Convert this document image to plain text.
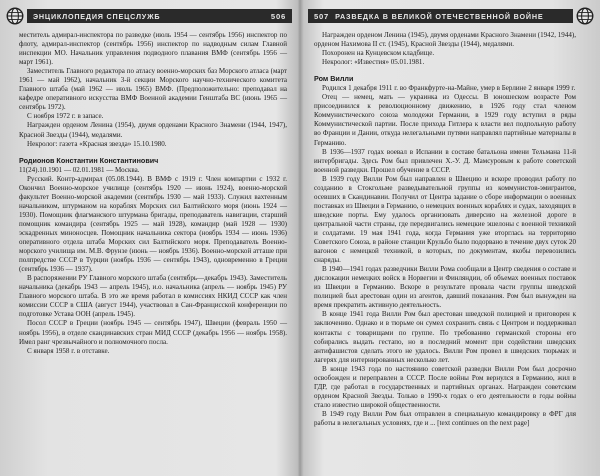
ЭНЦИКЛОПЕДИЯ СПЕЦСЛУЖБ	506

меститель адмирал-инспектора по разведке (июль 1954 — сентябрь 1956) инспектор по флоту, адмирал-инспектор (сентябрь 1956) инспектор по надводным силам Главной инспекции МО. Начальник управления подводного плавания ВМФ (сентябрь 1956 — март 1961).

Заместитель Главного редактора по атласу военно-морских баз Морского атласа (март 1961 — май 1962), начальник 3-й секции Морского научно-технического комитета Главного штаба (май 1962 — июль 1965) ВМФ. (Предположительно: преподавал на кафедре оперативного искусства ВМФ Военной академии Генштаба ВС (июнь 1965 — сентябрь 1972).

С ноября 1972 г. в запасе.

Награжден орденом Ленина (1954), двумя орденами Красного Знамени (1944, 1947), Красной Звезды (1944), медалями.

Некролог: газета «Красная звезда» 15.10.1980.

Родионов Константин Константинович

11(24).10.1901 — 02.01.1981 — Москва.

Русский. Контр-адмирал (05.08.1944). В ВМФ с 1919 г. Член компартии с 1932 г. Окончил Военно-морское училище (сентябрь 1920 — июнь 1924), военно-морской факультет Военно-морской академии (сентябрь 1930 — май 1933). Служил вахтенным начальником, штурманом на кораблях Морских сил Балтийского моря (июнь 1924 — 1930). Помощник флагманского штурмана бригады, преподаватель навигации, старший помощник командира (сентябрь 1925 — май 1928), командир (май 1928 — 1930) эскадренных миноносцев. Помощник начальника сектора (ноябрь 1934 — июнь 1936) оперативного отдела штаба Морских сил Балтийского моря. Преподаватель Военно-морского училища им. М.В. Фрунзе (июнь — ноябрь 1936). Военно-морской атташе при полпредстве СССР в Турции (ноябрь 1936 — сентябрь 1943), одновременно в Греции (сентябрь 1936 — 1937).

В распоряжении РУ Главного морского штаба (сентябрь—декабрь 1943). Заместитель начальника (декабрь 1943 — апрель 1945), и.о. начальника (апрель — ноябрь 1945) РУ Главного морского штаба. В это же время работал в комиссиях НКИД СССР как член комиссии СССР в США (август 1944), участвовал в Сан-Францисской конференции по подготовке Устава ООН (апрель 1945).

Посол СССР в Греции (ноябрь 1945 — сентябрь 1947), Швеции (февраль 1950 — ноябрь 1956), в отделе скандинавских стран МИД СССР (декабрь 1956 — ноябрь 1958). Имел ранг чрезвычайного и полномочного посла.

С января 1958 г. в отставке.

507 РАЗВЕДКА В ВЕЛИКОЙ ОТЕЧЕСТВЕННОЙ ВОЙНЕ

Награжден орденом Ленина (1945), двумя орденами Красного Знамени (1942, 1944), орденом Нахимова II ст. (1945), Красной Звезды (1944), медалями.

Похоронен на Кунцевском кладбище.

Некролог: «Известия» 05.01.1981.

Ром Вилли

Родился 1 декабря 1911 г. во Франкфурте-на-Майне, умер в Берлине 2 января 1999 г.

Отец — немец, мать — украинка из Одессы. В юношеском возрасте Ром присоединился к революционному движению, в 1926 году стал членом Коммунистического союза молодежи Германии, в 1929 году вступил в ряды Коммунистической партии. После прихода Гитлера к власти вел подпольную работу во Франции и Дании, откуда нелегальными путями направлял партийные материалы в Германию.

В 1936—1937 годах воевал в Испании в составе батальона имени Тельмана 11-й интербригады. Здесь Ром был привлечен Х.-У. Д. Мамсуровым к работе советской военной разведки. Прошел обучение в СССР.

В 1939 году Вилли Ром был направлен в Швецию и вскоре проводил работу по созданию в Стокгольме разведывательной группы из коммунистов-эмигрантов, осевших в Скандинавии. Получил от Центра задание о сборе информации о военных поставках из Швеции в Германию, о немецких военных кораблях и судах, заходящих в шведские порты. Ему удалось организовать диверсию на железной дороге в центральной части страны, где передвигались немецкие эшелоны с военной техникой и солдатами. 19 мая 1941 года, когда Германия уже вторглась на территорию Советского Союза, в районе станции Крульбо было подорвано в течение двух суток 20 вагонов с немецкой техникой, в которых, по документам, якобы перевозились снаряды.

В 1940—1941 годах разведчики Вилли Рома сообщали в Центр сведения о составе и дислокации немецких войск в Норвегии и Финляндии, об объемах военных поставок из Швеции в Германию. Вскоре в результате провала части группы шведской полицией был арестован один из агентов, давший показания. Ром был вынужден на время прекратить активную деятельность.

В конце 1941 года Вилли Ром был арестован шведской полицией и приговорен к заключению. Однако и в тюрьме он сумел сохранить связь с Центром и поддерживал контакты с товарищами по группе. По требованию германской стороны его собирались выдать гестапо, но в последний момент при содействии шведских антифашистов сделать этого не удалось. Вилли Ром провел в шведских тюрьмах и лагерях для интернированных несколько лет.

В конце 1943 года по настоянию советской разведки Вилли Ром был досрочно освобожден и переправлен в СССР. После войны Ром вернулся в Германию, жил в ГДР, где работал в государственных и партийных органах. Награжден советским орденом Красной Звезды. Только в 1990-х годах о его деятельности в годы войны стало известно широкой общественности.

В 1949 году Вилли Ром был отправлен в специальную командировку в ФРГ для работы в нелегальных условиях, где и ... [text continues on the next page]
